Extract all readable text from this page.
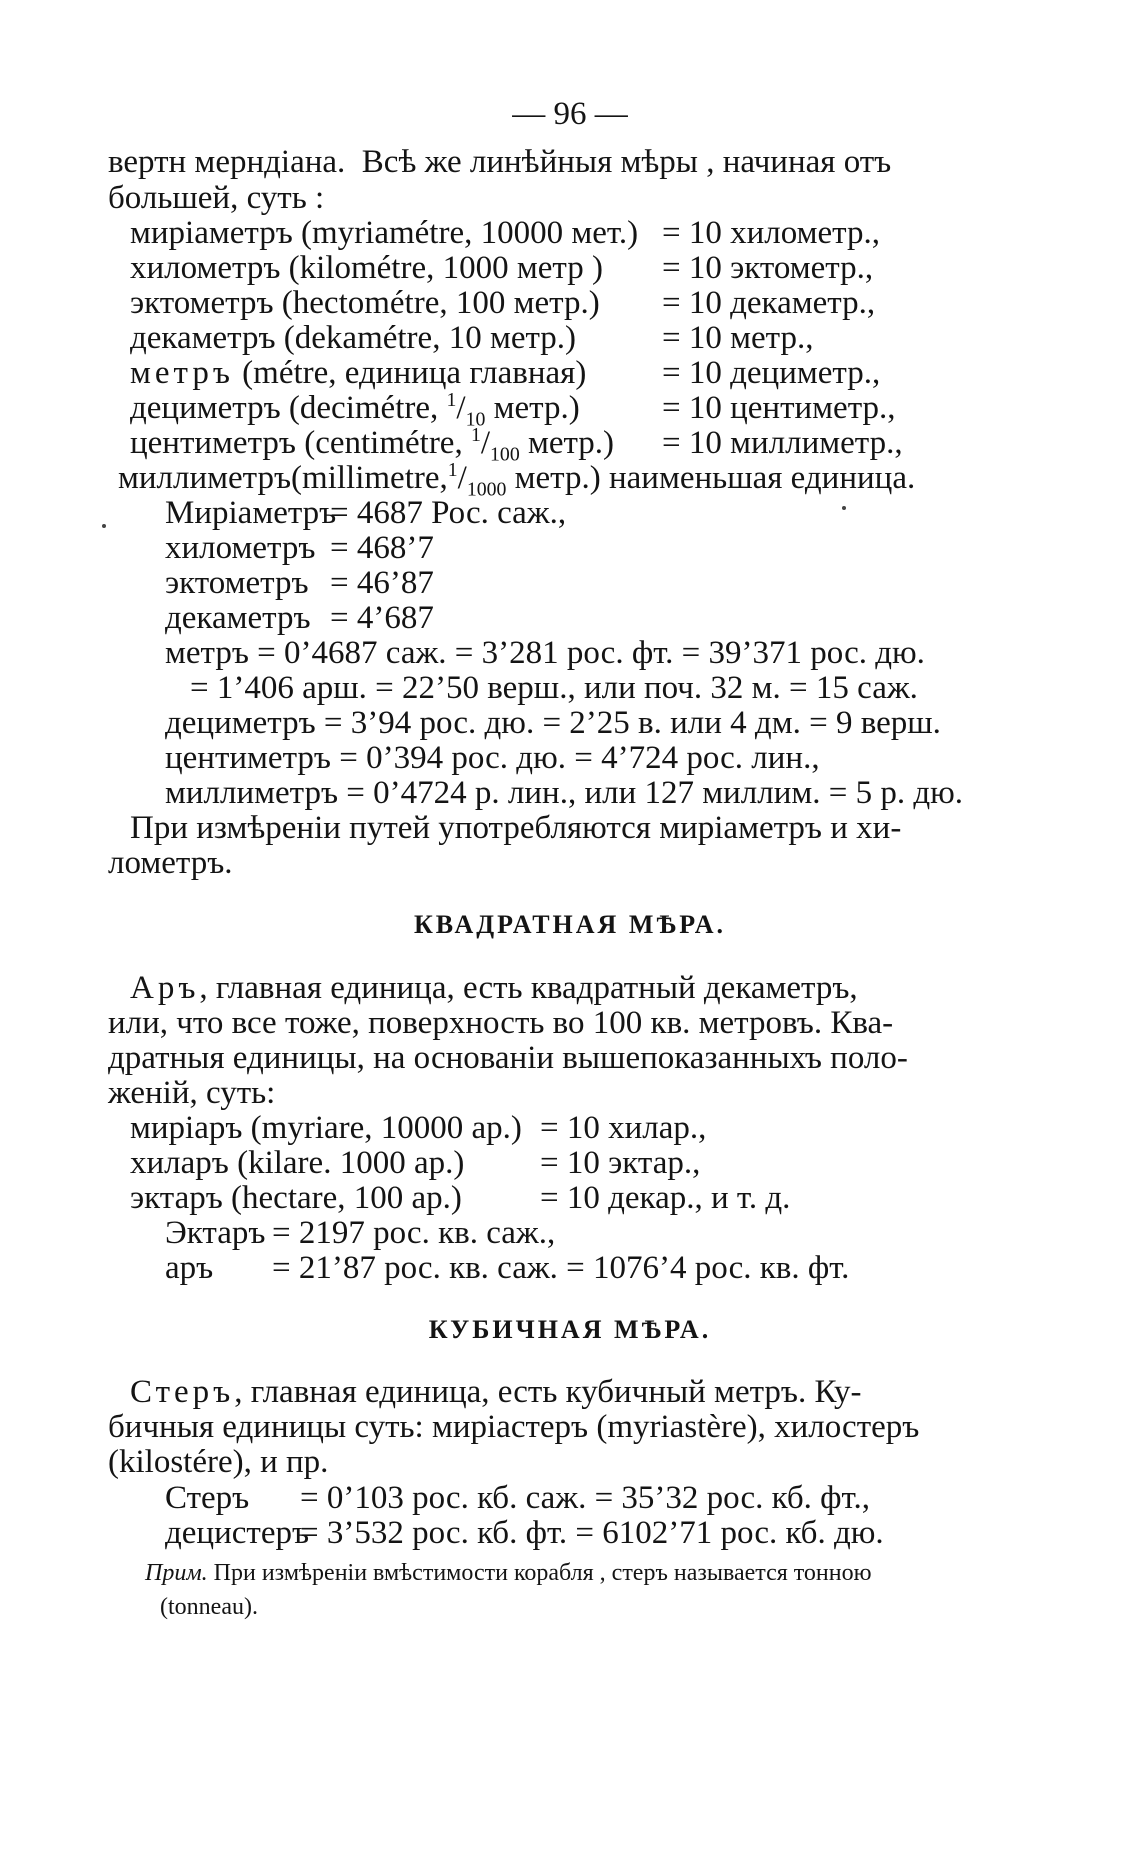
— 96 —
вертн мерндiана.  Всѣ же линѣйныя мѣры , начиная отъ
большей, суть :
миріаметръ (myriamétre, 10000 мет.) = 10 хилометр.,
хилометръ (kilométre, 1000 метр ) = 10 эктометр.,
эктометръ (hectométre, 100 метр.) = 10 декаметр.,
декаметръ (dekamétre, 10 метр.)	= 10 метр.,
метръ (métre, единица главная) = 10 дециметр.,
дециметръ (decimétre, $^1/_{10}$ метр.) = 10 центиметр.,
центиметръ (centimétre, $^1/_{100}$ метр.) = 10 миллиметр.,
$миллиметръ(millimetre,^1/_{1000}$ метр.) наименьшая единица.
Миріаметръ
= 4687 Рос. саж.,
хилометръ = 468’7
эктометръ = 46’87
декаметръ = 4’687
метръ = 0’4687 саж. = 3’281 рос. фт. = 39’371 рос. дю.
= 1’406 арш. = 22’50 верш., или поч. 32 м. = 15 саж.
дециметръ = 3’94 рос. дю. = 2’25 в. или 4 дм. = 9 верш.
центиметръ = 0’394 рос. дю. = 4’724 рос. лин.,
миллиметръ = 0’4724 р. лин., или 127 миллим. = 5 р. дю.
При измѣреніи путей употребляются миріаметръ и хи-
лометръ.
КВАДРАТНАЯ МѢРА.
Аръ, главная единица, есть квадратный декаметръ,
или, что все тоже, поверхность во 100 кв. метровъ. Ква-
дратныя единицы, на основаніи вышепоказанныхъ поло-
женій, суть:
миріаръ (myriare, 10000 ар.) = 10 хилар.,
хиларъ (kilare. 1000 ар.) = 10 эктар.,
эктаръ (hectare, 100 ар.) = 10 декар., и т. д.
Эктаръ = 2197 рос. кв. саж.,
аръ = 21’87 рос. кв. саж. = 1076’4 рос. кв. фт.
КУБИЧНАЯ МѢРА.
Стеръ, главная единица, есть кубичный метръ. Ку-
бичныя единицы суть: миріастеръ (myriastère), хилостеръ
(kilostére), и пр.
Стеръ = 0’103 рос. кб. саж. = 35’32 рос. кб. фт.,
децистеръ
= 3’532 рос. кб. фт. = 6102’71 рос. кб. дю.
Прим. При измѣреніи вмѣстимости корабля , стеръ называется тонною
(tonneau).
